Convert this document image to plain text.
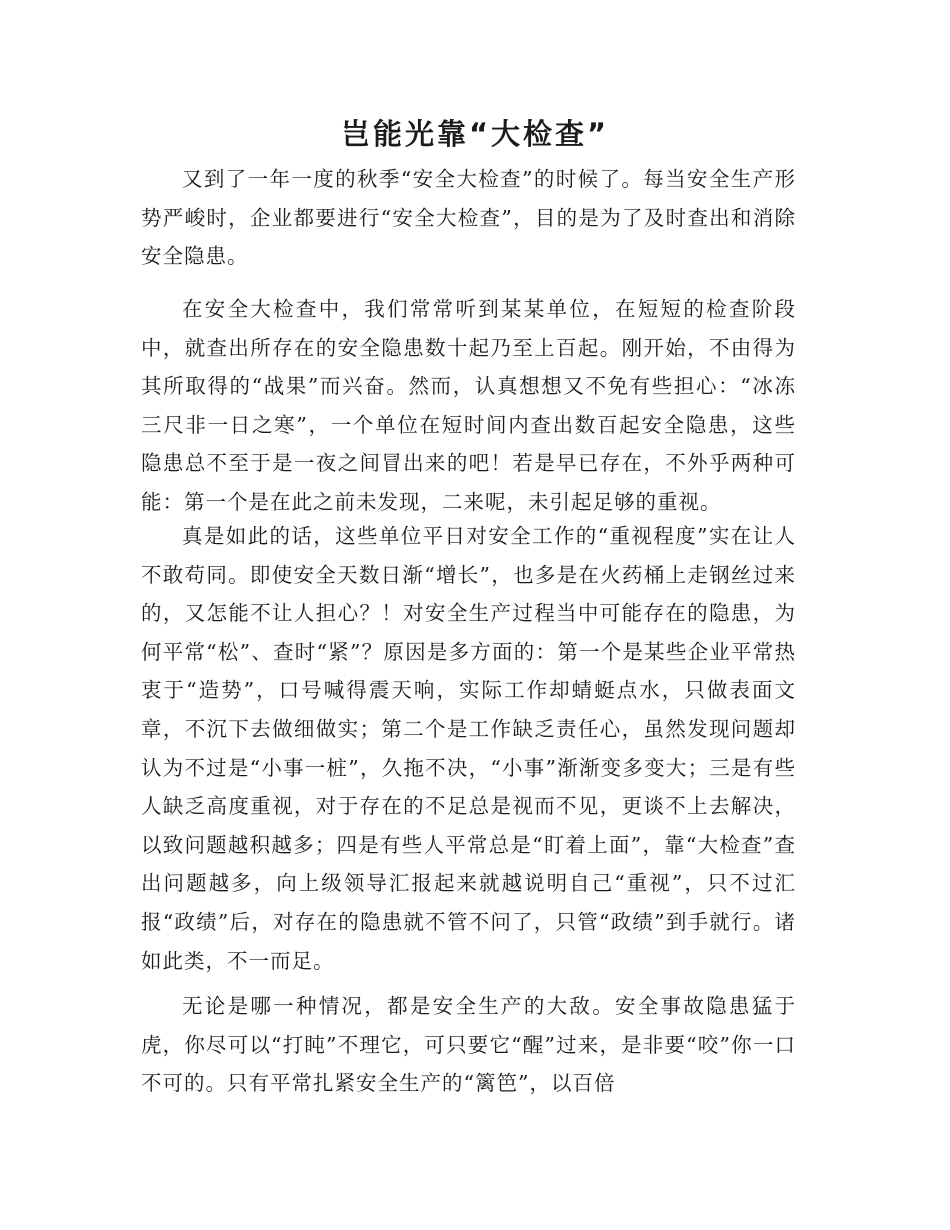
岂能光靠“大检查”
又到了一年一度的秋季“安全大检查”的时候了。每当安全生产形势严峻时，企业都要进行“安全大检查”，目的是为了及时查出和消除安全隐患。
在安全大检查中，我们常常听到某某单位，在短短的检查阶段中，就查出所存在的安全隐患数十起乃至上百起。刚开始，不由得为其所取得的“战果”而兴奋。然而，认真想想又不免有些担心：“冰冻三尺非一日之寒”，一个单位在短时间内查出数百起安全隐患，这些隐患总不至于是一夜之间冒出来的吧！若是早已存在，不外乎两种可能：第一个是在此之前未发现，二来呢，未引起足够的重视。
真是如此的话，这些单位平日对安全工作的“重视程度”实在让人不敢苟同。即使安全天数日渐“增长”，也多是在火药桶上走钢丝过来的，又怎能不让人担心？！对安全生产过程当中可能存在的隐患，为何平常“松”、查时“紧”？原因是多方面的：第一个是某些企业平常热衷于“造势”，口号喊得震天响，实际工作却蜻蜓点水，只做表面文章，不沉下去做细做实；第二个是工作缺乏责任心，虽然发现问题却认为不过是“小事一桩”，久拖不决，“小事”渐渐变多变大；三是有些人缺乏高度重视，对于存在的不足总是视而不见，更谈不上去解决，以致问题越积越多；四是有些人平常总是“盯着上面”，靠“大检查”查出问题越多，向上级领导汇报起来就越说明自己“重视”，只不过汇报“政绩”后，对存在的隐患就不管不问了，只管“政绩”到手就行。诸如此类，不一而足。
无论是哪一种情况，都是安全生产的大敌。安全事故隐患猛于虎，你尽可以“打盹”不理它，可只要它“醒”过来，是非要“咬”你一口不可的。只有平常扎紧安全生产的“篱笆”，以百倍
